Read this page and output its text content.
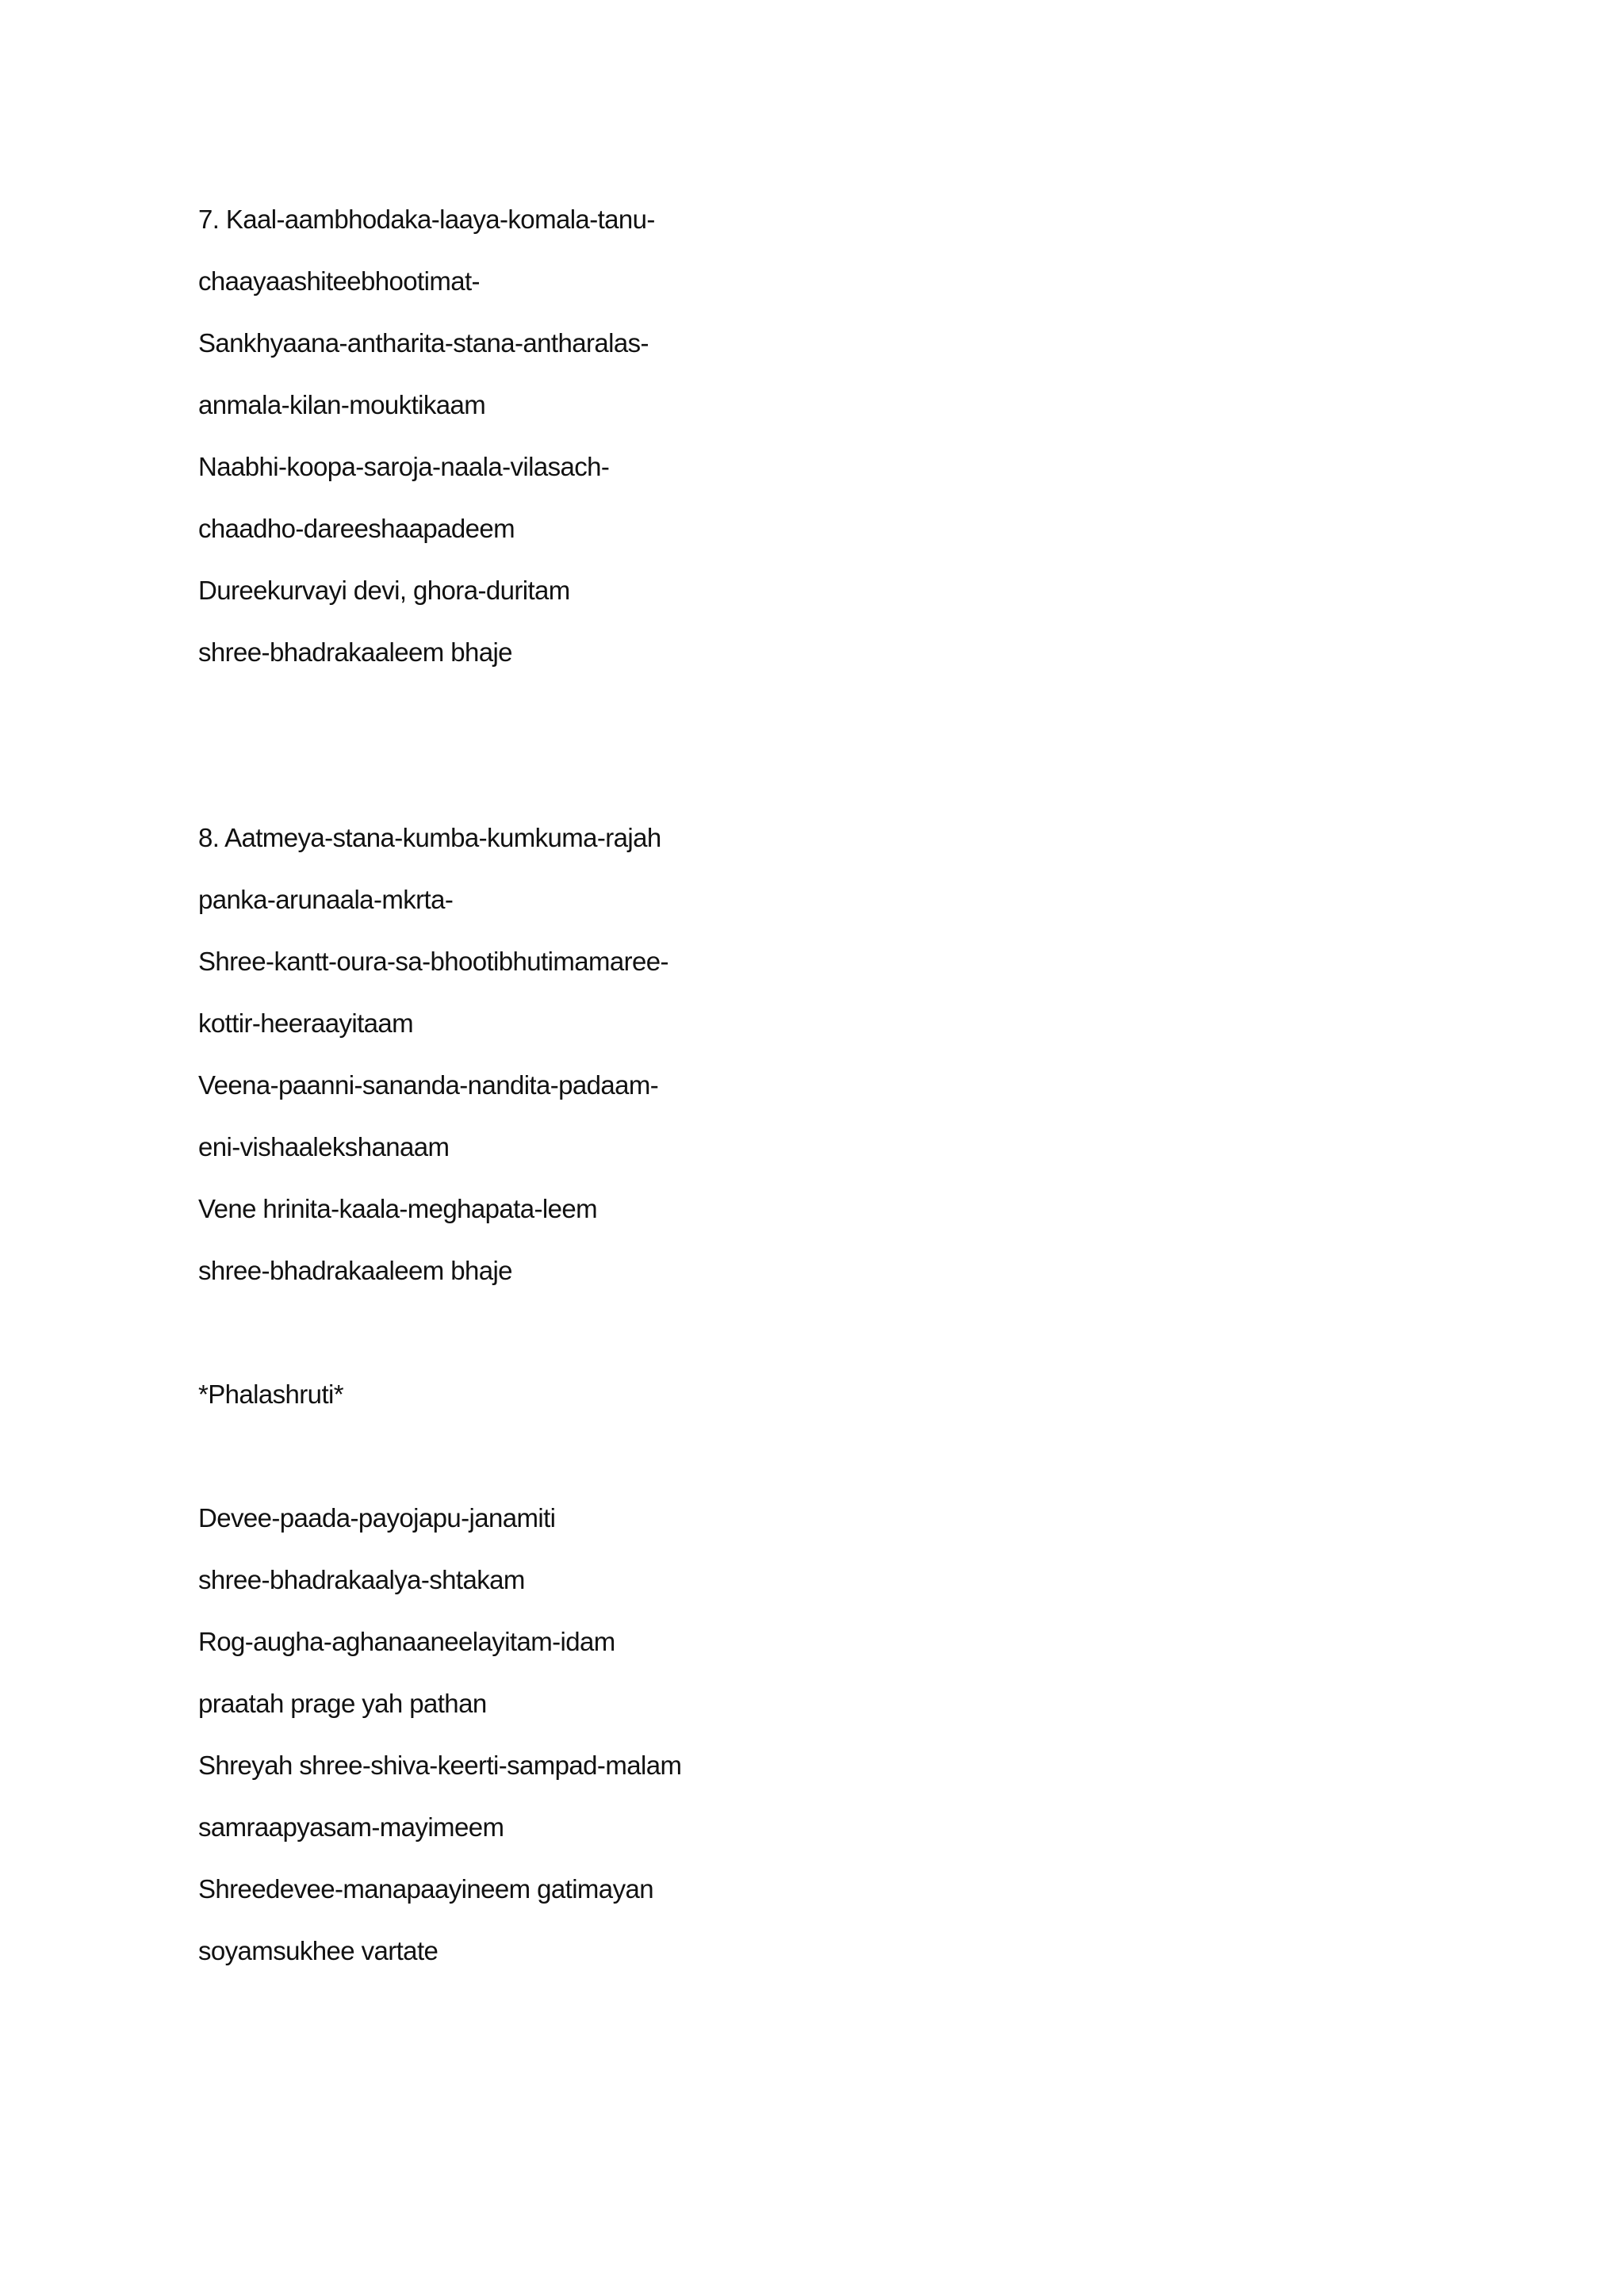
7. Kaal-aambhodaka-laaya-komala-tanu-
chaayaashiteebhootimat-
Sankhyaana-antharita-stana-antharalas-
anmala-kilan-mouktikaam
Naabhi-koopa-saroja-naala-vilasach-
chaadho-dareeshaapadeem
Dureekurvayi devi, ghora-duritam
shree-bhadrakaaleem bhaje
8. Aatmeya-stana-kumba-kumkuma-rajah
panka-arunaala-mkrta-
Shree-kantt-oura-sa-bhootibhutimamaree-
kottir-heeraayitaam
Veena-paanni-sananda-nandita-padaam-
eni-vishaalekshanaam
Vene hrinita-kaala-meghapata-leem
shree-bhadrakaaleem bhaje
*Phalashruti*
Devee-paada-payojapu-janamiti
shree-bhadrakaalya-shtakam
Rog-augha-aghanaaneelayitam-idam
praatah prage yah pathan
Shreyah shree-shiva-keerti-sampad-malam
samraapyasam-mayimeem
Shreedevee-manapaayineem gatimayan
soyamsukhee vartate
